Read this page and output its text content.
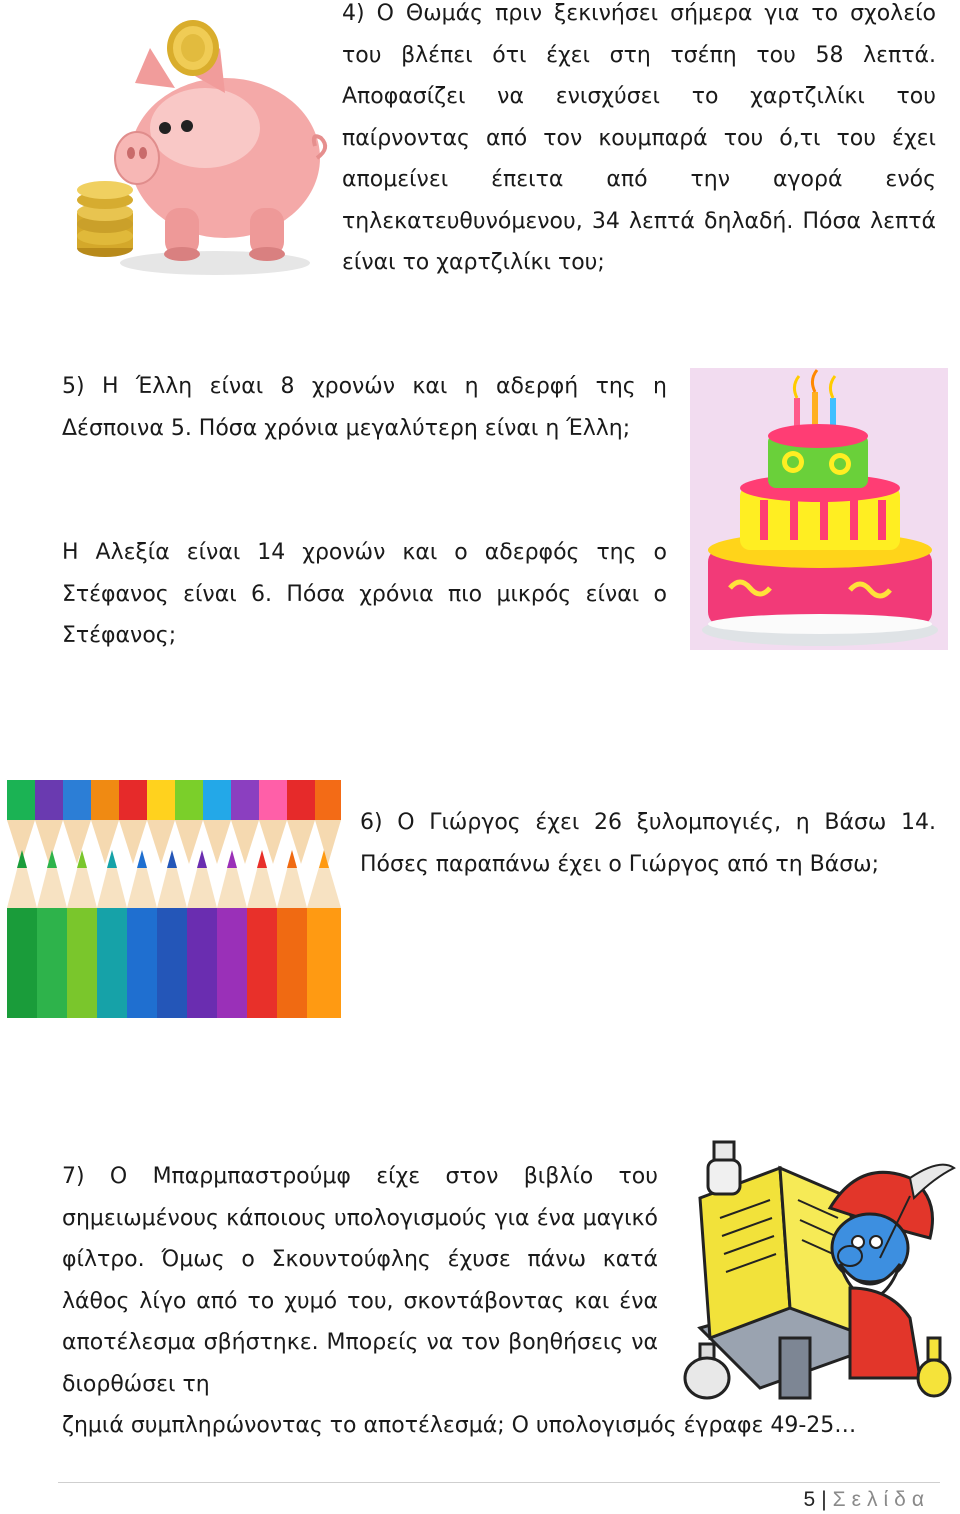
4) Ο Θωμάς πριν ξεκινήσει σήμερα για το σχολείο του βλέπει ότι έχει στη τσέπη του 58 λεπτά. Αποφασίζει να ενισχύσει το χαρτζιλίκι του παίρνοντας από τον κουμπαρά του ό,τι του έχει απομείνει έπειτα από την αγορά ενός τηλεκατευθυνόμενου, 34 λεπτά δηλαδή. Πόσα λεπτά είναι το χαρτζιλίκι του;

5) Η Έλλη είναι 8 χρονών και η αδερφή της η Δέσποινα 5. Πόσα χρόνια μεγαλύτερη είναι η Έλλη;

Η Αλεξία είναι 14 χρονών και ο αδερφός της ο Στέφανος είναι 6. Πόσα χρόνια πιο μικρός είναι ο Στέφανος;

6) Ο Γιώργος έχει 26 ξυλομπογιές, η Βάσω 14. Πόσες παραπάνω έχει ο Γιώργος από τη Βάσω;

7) Ο Μπαρμπαστρούμφ είχε στον βιβλίο του σημειωμένους κάποιους υπολογισμούς για ένα μαγικό φίλτρο. Όμως ο Σκουντούφλης έχυσε πάνω κατά λάθος λίγο από το χυμό του, σκοντάβοντας και ένα αποτέλεσμα σβήστηκε. Μπορείς να τον βοηθήσεις να διορθώσει τη

ζημιά συμπληρώνοντας το αποτέλεσμά; Ο υπολογισμός έγραφε 49-25…

5 | Σελίδα
